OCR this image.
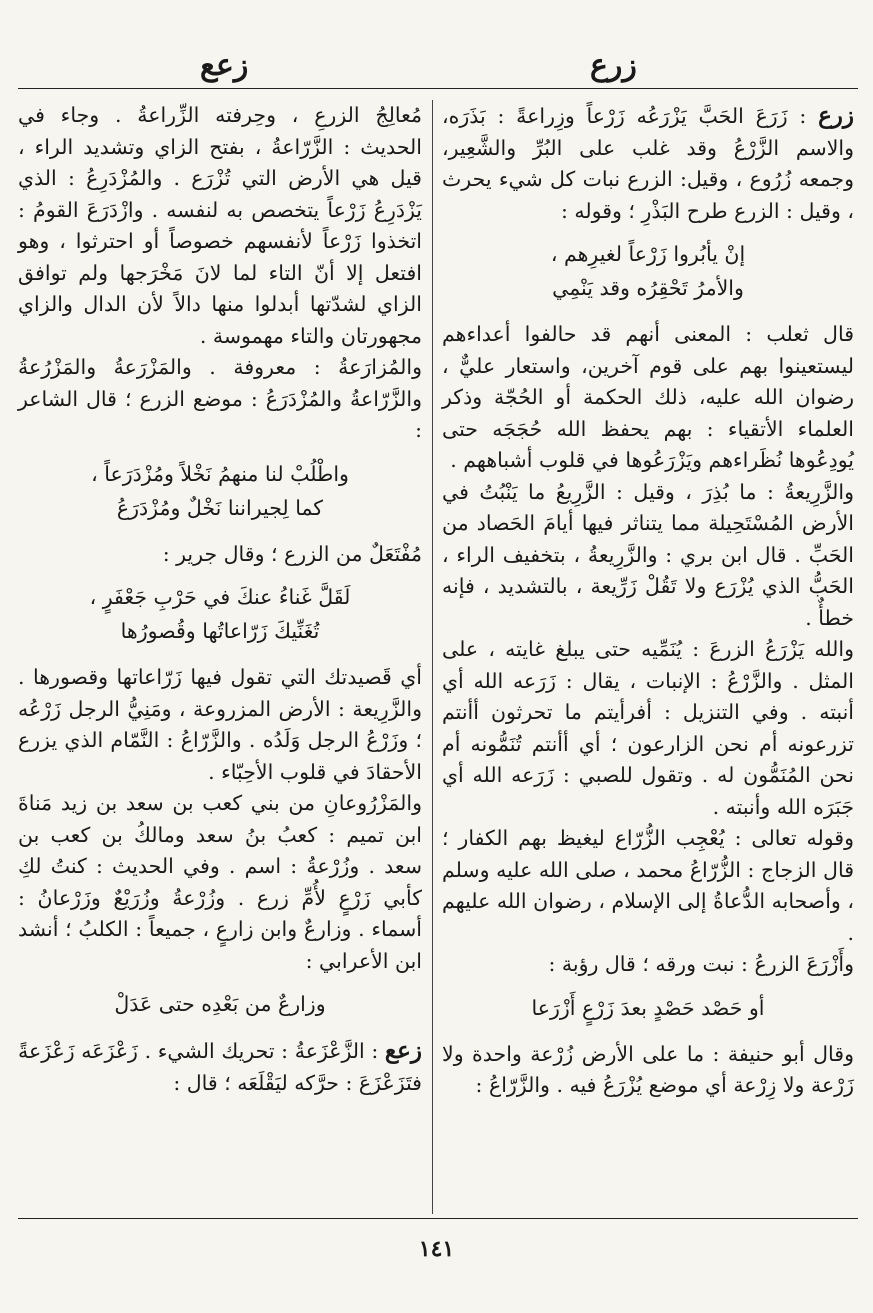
زرع
زعع

زرع : زَرَعَ الحَبَّ يَزْرَعُه زَرْعاً وزِراعةً : بَذَرَه، والاسم الزَّرْعُ وقد غلب على البُرِّ والشَّعِير، وجمعه زُرُوع ، وقيل: الزرع نبات كل شيء يحرث ، وقيل : الزرع طرح البَذْرِ ؛ وقوله :

إنْ يأبُروا زَرْعاً لغيرِهم ،
والأمرُ تَحْقِرُه وقد يَنْمِي

قال ثعلب : المعنى أنهم قد حالفوا أعداءهم ليستعينوا بهم على قوم آخرين، واستعار عليٌّ ، رضوان الله عليه، ذلك الحكمة أو الحُجّة وذكر العلماء الأتقياء : بهم يحفظ الله حُجَجَه حتى يُودِعُوها نُظَراءهم ويَزْرَعُوها في قلوب أشباههم .

والزَّرِيعةُ : ما بُذِرَ ، وقيل : الزَّرِيعُ ما يَنْبُتُ في الأرض المُسْتَحِيلة مما يتناثر فيها أيامَ الحَصاد من الحَبِّ . قال ابن بري : والزَّرِيعةُ ، بتخفيف الراء ، الحَبُّ الذي يُزْرَع ولا تَقُلْ زَرِّيعة ، بالتشديد ، فإنه خطأٌ .

والله يَزْرَعُ الزرعَ : يُنَمِّيه حتى يبلغ غايته ، على المثل . والزَّرْعُ : الإنبات ، يقال : زَرَعه الله أي أنبته . وفي التنزيل : أفرأيتم ما تحرثون أأنتم تزرعونه أم نحن الزارعون ؛ أي أأنتم تُنَمُّونه أم نحن المُنَمُّون له . وتقول للصبي : زَرَعه الله أي جَبَرَه الله وأنبته .

وقوله تعالى : يُعْجِب الزُّرّاع ليغيظ بهم الكفار ؛ قال الزجاج : الزُّرّاعُ محمد ، صلى الله عليه وسلم ، وأصحابه الدُّعاةُ إلى الإسلام ، رضوان الله عليهم .

وأَزْرَعَ الزرعُ : نبت ورقه ؛ قال رؤبة :

أو حَصْد حَصْدٍ بعدَ زَرْعٍ أَزْرَعا

وقال أبو حنيفة : ما على الأرض زُرْعة واحدة ولا زَرْعة ولا زِرْعة أي موضع يُزْرَعُ فيه . والزَّرّاعُ :

مُعالِجُ الزرعِ ، وحِرفته الزِّراعةُ . وجاء في الحديث : الزَّرّاعةُ ، بفتح الزاي وتشديد الراء ، قيل هي الأرض التي تُزْرَع . والمُزْدَرِعُ : الذي يَزْدَرِعُ زَرْعاً يتخصص به لنفسه . وازْدَرَعَ القومُ : اتخذوا زَرْعاً لأنفسهم خصوصاً أو احترثوا ، وهو افتعل إلا أنّ التاء لما لانَ مَخْرَجها ولم توافق الزاي لشدّتها أبدلوا منها دالاً لأن الدال والزاي مجهورتان والتاء مهموسة .

والمُزارَعةُ : معروفة . والمَزْرَعةُ والمَزْرُعةُ والزَّرّاعةُ والمُزْدَرَعُ : موضع الزرع ؛ قال الشاعر :

واطْلُبْ لنا منهمُ نَخْلاً ومُزْدَرَعاً ،
كما لِجيراننا نَخْلٌ ومُزْدَرَعُ

مُفْتَعَلٌ من الزرع ؛ وقال جرير :

لَقَلَّ غَناءُ عنكَ في حَرْبِ جَعْفَرٍ ،
تُغَنِّيكَ زَرّاعاتُها وقُصورُها

أي قَصيدتك التي تقول فيها زَرّاعاتها وقصورها . والزَّرِيعة : الأرض المزروعة ، ومَنِيُّ الرجل زَرْعُه ؛ وزَرْعُ الرجل وَلَدُه . والزَّرّاعُ : النَّمّام الذي يزرع الأحقادَ في قلوب الأحِبّاء .

والمَزْرُوعانِ من بني كعب بن سعد بن زيد مَناةَ ابن تميم : كعبُ بنُ سعد ومالكُ بن كعب بن سعد . وزُرْعةُ : اسم . وفي الحديث : كنتُ لكِ كأبي زَرْعٍ لأُمِّ زرع . وزُرْعةُ وزُرَيْعٌ وزَرْعانُ : أسماء . وزارعٌ وابن زارعٍ ، جميعاً : الكلبُ ؛ أنشد ابن الأعرابي :

وزارعٌ من بَعْدِه حتى عَدَلْ

زعع : الزَّعْزَعةُ : تحريك الشيء . زَعْزَعَه زَعْزَعةً فتَزَعْزَعَ : حرَّكه ليَقْلَعَه ؛ قال :

١٤١
